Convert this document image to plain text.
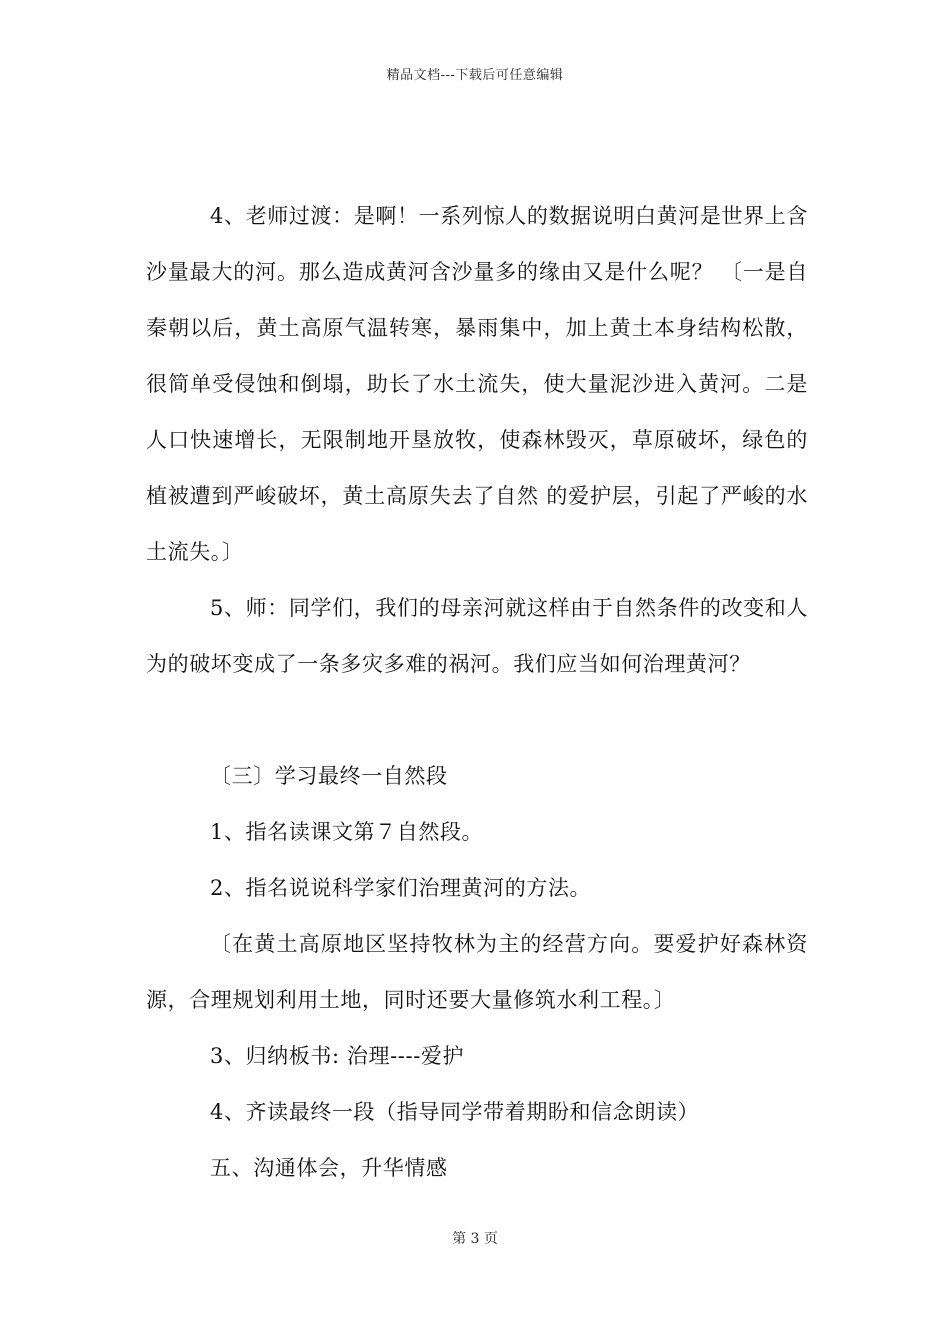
精品文档---下载后可任意编辑

4、老师过渡：是啊！一系列惊人的数据说明白黄河是世界上含沙量最大的河。那么造成黄河含沙量多的缘由又是什么呢？ 〔一是自秦朝以后，黄土高原气温转寒，暴雨集中，加上黄土本身结构松散，很简单受侵蚀和倒塌，助长了水土流失，使大量泥沙进入黄河。二是人口快速增长，无限制地开垦放牧，使森林毁灭，草原破坏，绿色的植被遭到严峻破坏，黄土高原失去了自然 的爱护层，引起了严峻的水土流失。〕

5、师：同学们，我们的母亲河就这样由于自然条件的改变和人为的破坏变成了一条多灾多难的祸河。我们应当如何治理黄河？

〔三〕学习最终一自然段

1、指名读课文第７自然段。

2、指名说说科学家们治理黄河的方法。

〔在黄土高原地区坚持牧林为主的经营方向。要爱护好森林资源，合理规划利用土地，同时还要大量修筑水利工程。〕

3、归纳板书: 治理----爱护

4、齐读最终一段（指导同学带着期盼和信念朗读）

五、沟通体会，升华情感

第 3 页
